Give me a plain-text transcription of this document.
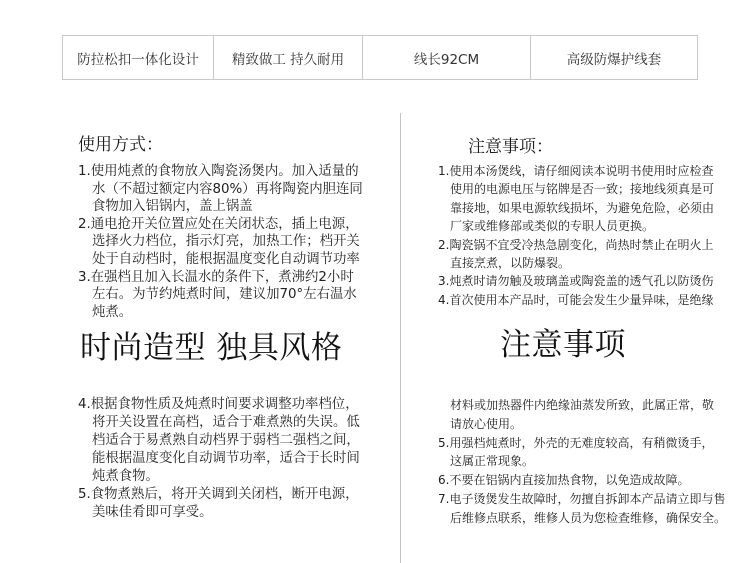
防拉松扣一体化设计	精致做工 持久耐用	线长92CM	高级防爆护线套
使用方式：
1.使用炖煮的食物放入陶瓷汤煲内。加入适量的
水（不超过额定内容80%）再将陶瓷内胆连同
食物加入铝锅内，盖上锅盖
2.通电抢开关位置应处在关闭状态，插上电源，
选择火力档位，指示灯亮，加热工作；档开关
处于自动档时，能根据温度变化自动调节功率
3.在强档且加入长温水的条件下，煮沸约2小时
左右。为节约炖煮时间，建议加70°左右温水
炖煮。
时尚造型 独具风格
4.根据食物性质及炖煮时间要求调整功率档位，
将开关设置在高档，适合于难煮熟的失误。低
档适合于易煮熟自动档界于弱档二强档之间，
能根据温度变化自动调节功率，适合于长时间
炖煮食物。
5.食物煮熟后，将开关调到关闭档，断开电源，
美味佳肴即可享受。
注意事项：
1.使用本汤煲线，请仔细阅读本说明书使用时应检查
使用的电源电压与铭牌是否一致；接地线须真是可
靠接地，如果电源软线损坏，为避免危险，必须由
厂家或维修部或类似的专职人员更换。
2.陶瓷锅不宜受冷热急剧变化，尚热时禁止在明火上
直接烹煮，以防爆裂。
3.炖煮时请勿触及玻璃盖或陶瓷盖的透气孔以防烫伤
4.首次使用本产品时，可能会发生少量异味，是绝缘
注意事项
材料或加热器件内绝缘油蒸发所致，此属正常，敬
请放心使用。
5.用强档炖煮时，外壳的无难度较高，有稍微烫手，
这属正常现象。
6.不要在铝锅内直接加热食物，以免造成故障。
7.电子烫煲发生故障时，勿擅自拆卸本产品请立即与售
后维修点联系，维修人员为您检查维修，确保安全。
